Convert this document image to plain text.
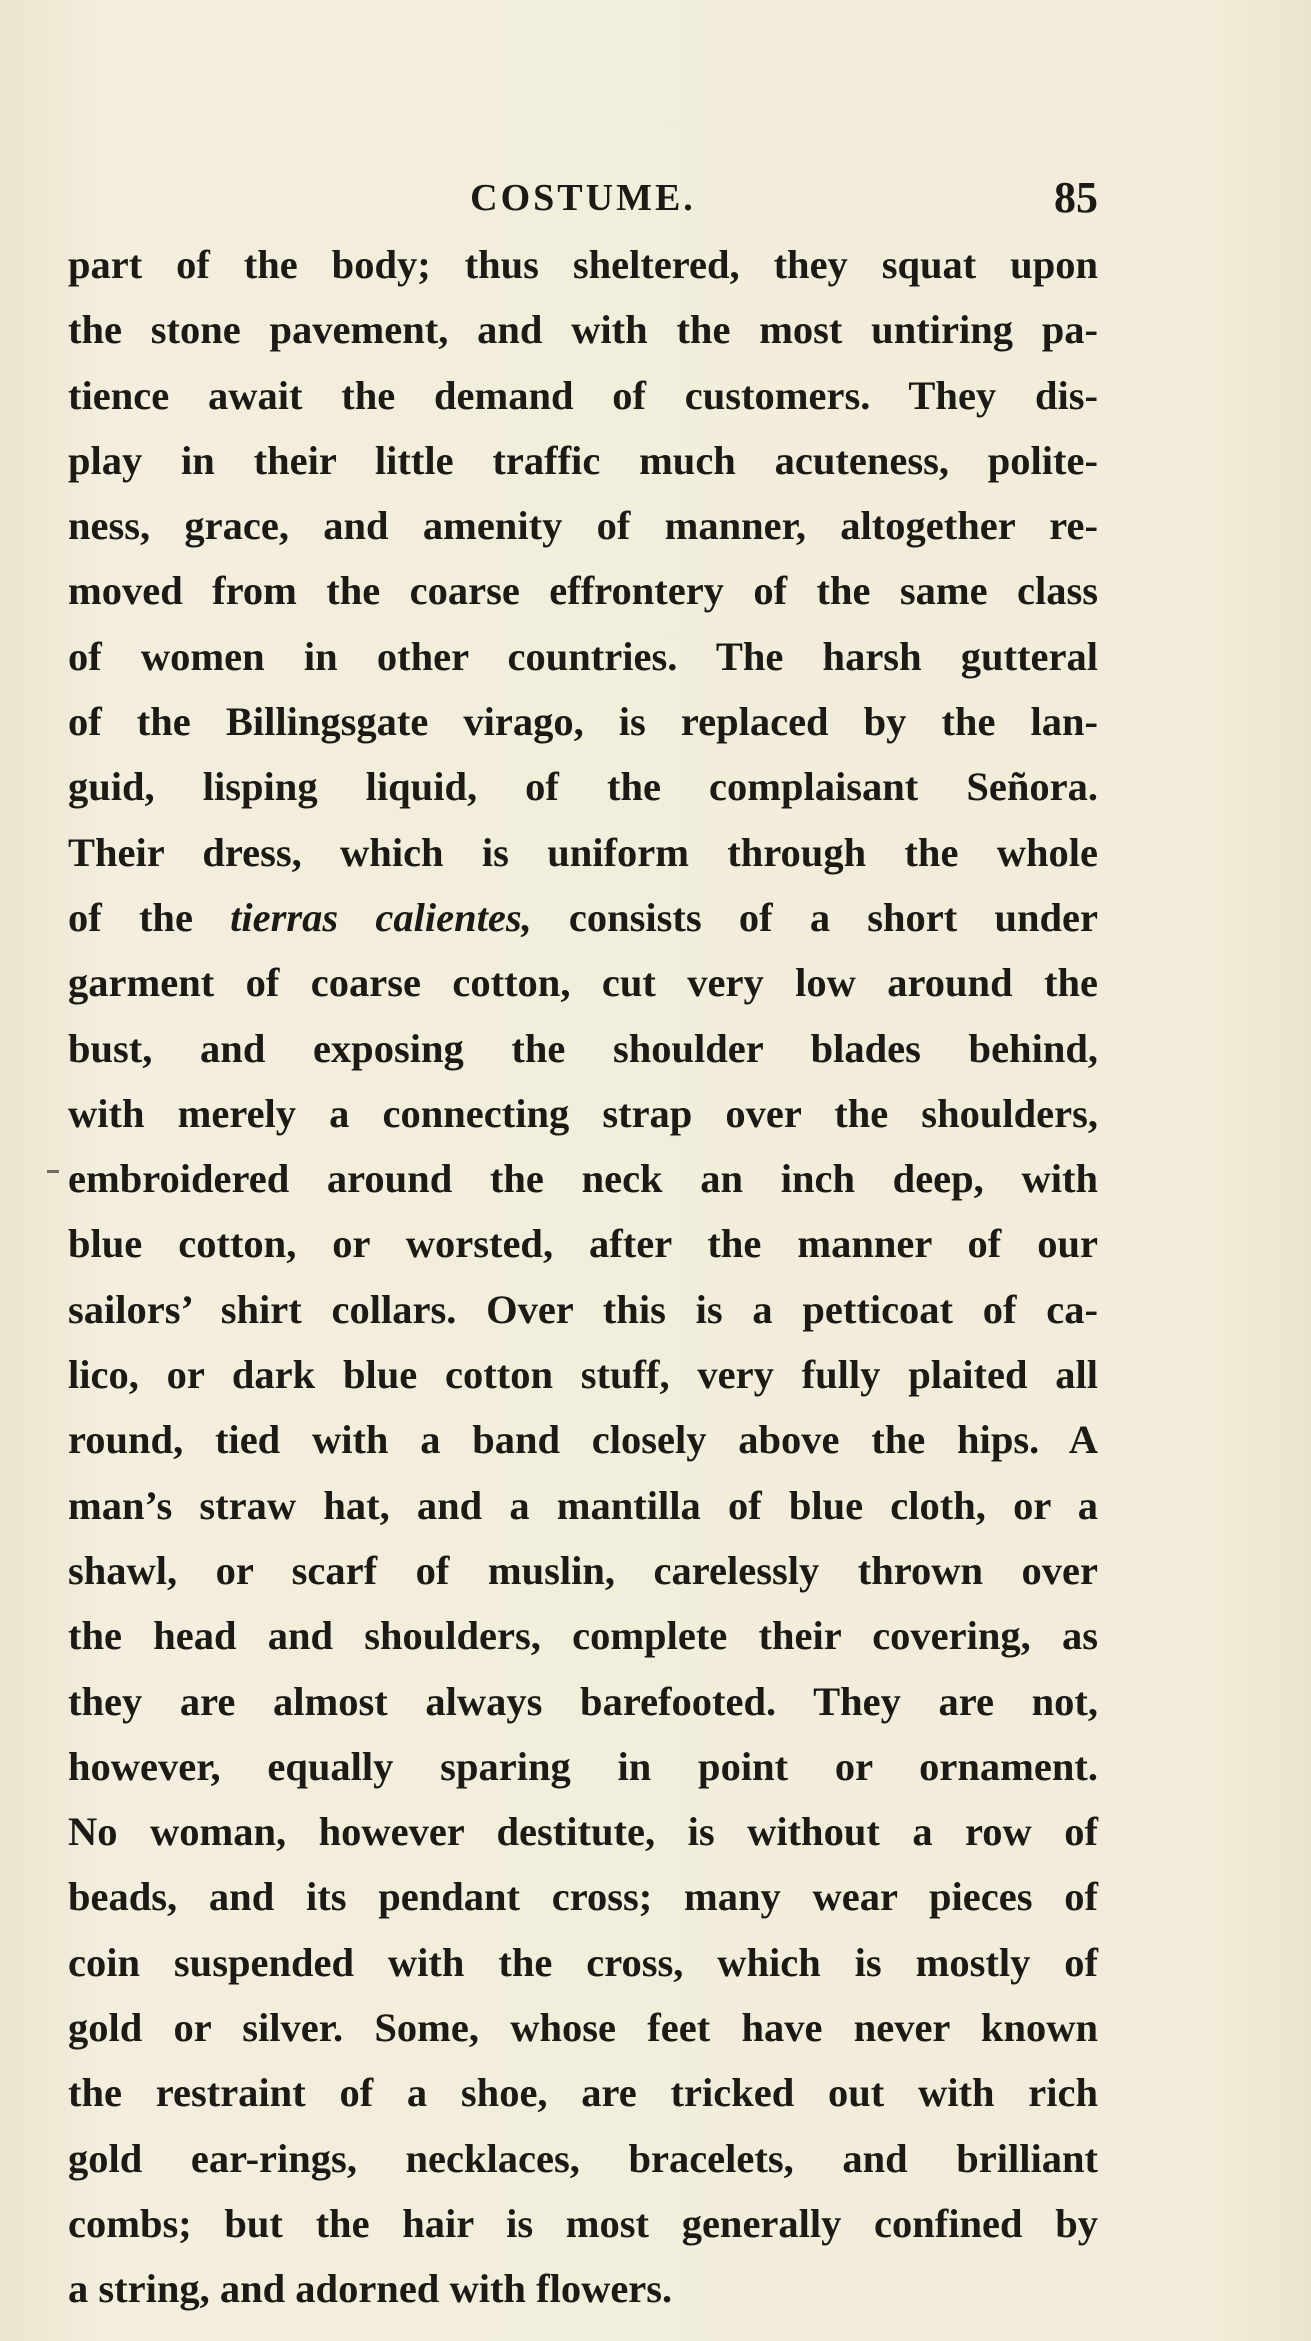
COSTUME.	85
part of the body; thus sheltered, they squat upon
the stone pavement, and with the most untiring pa-
tience await the demand of customers. They dis-
play in their little traffic much acuteness, polite-
ness, grace, and amenity of manner, altogether re-
moved from the coarse effrontery of the same class
of women in other countries. The harsh gutteral
of the Billingsgate virago, is replaced by the lan-
guid, lisping liquid, of the complaisant Señora.
Their dress, which is uniform through the whole
of the tierras calientes, consists of a short under
garment of coarse cotton, cut very low around the
bust, and exposing the shoulder blades behind,
with merely a connecting strap over the shoulders,
embroidered around the neck an inch deep, with
blue cotton, or worsted, after the manner of our
sailors’ shirt collars. Over this is a petticoat of ca-
lico, or dark blue cotton stuff, very fully plaited all
round, tied with a band closely above the hips. A
man’s straw hat, and a mantilla of blue cloth, or a
shawl, or scarf of muslin, carelessly thrown over
the head and shoulders, complete their covering, as
they are almost always barefooted. They are not,
however, equally sparing in point or ornament.
No woman, however destitute, is without a row of
beads, and its pendant cross; many wear pieces of
coin suspended with the cross, which is mostly of
gold or silver. Some, whose feet have never known
the restraint of a shoe, are tricked out with rich
gold ear-rings, necklaces, bracelets, and brilliant
combs; but the hair is most generally confined by
a string, and adorned with flowers.
